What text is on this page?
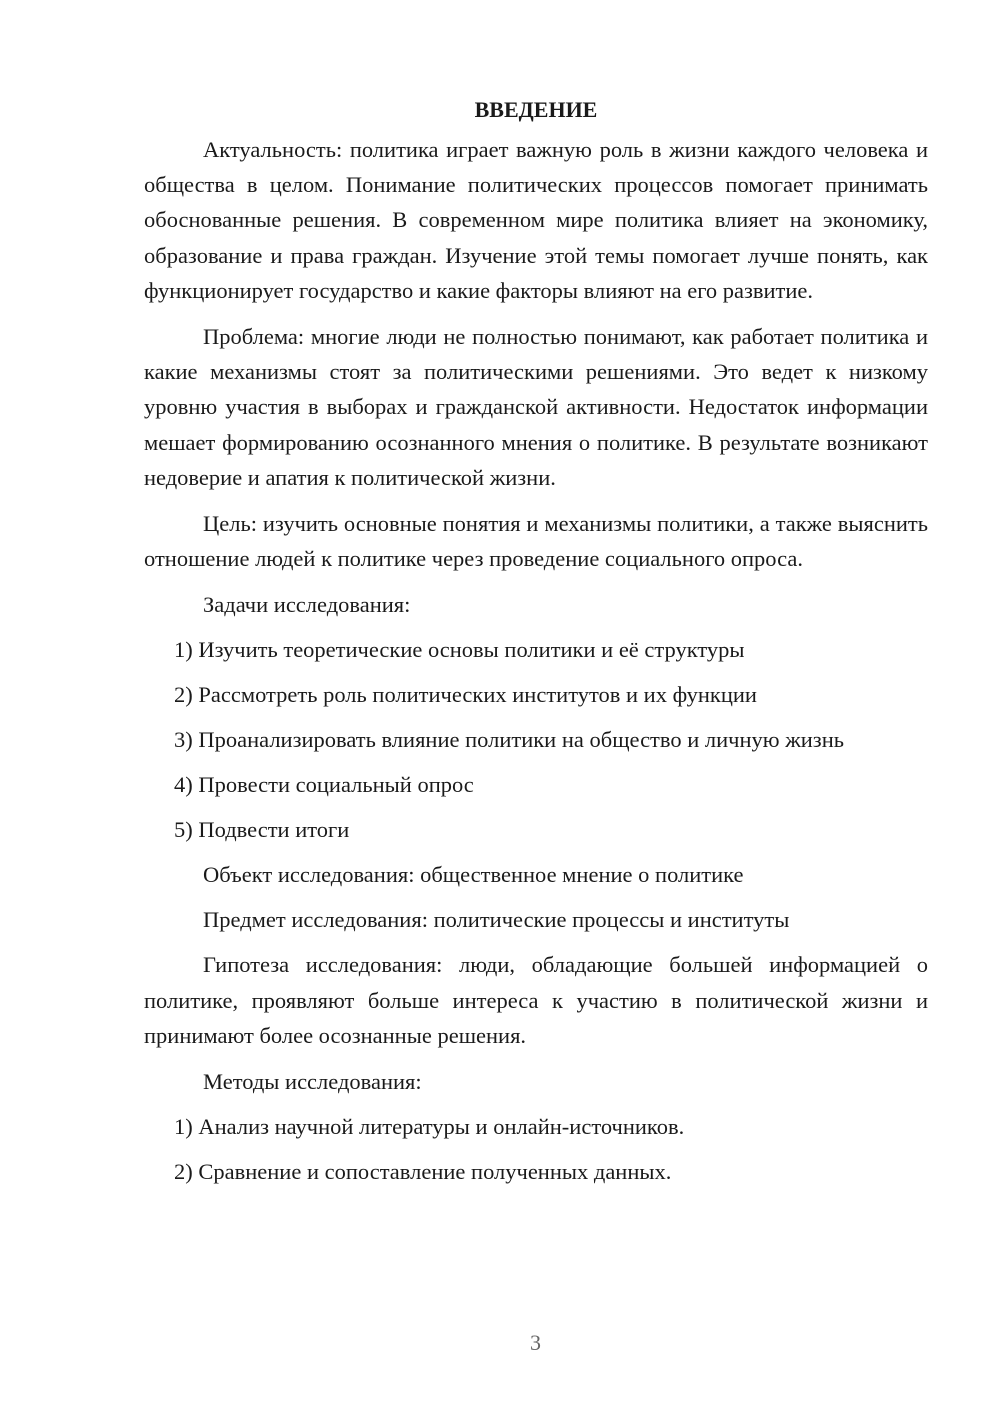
ВВЕДЕНИЕ

Актуальность: политика играет важную роль в жизни каждого человека и общества в целом. Понимание политических процессов помогает принимать обоснованные решения. В современном мире политика влияет на экономику, образование и права граждан. Изучение этой темы помогает лучше понять, как функционирует государство и какие факторы влияют на его развитие.

Проблема: многие люди не полностью понимают, как работает политика и какие механизмы стоят за политическими решениями. Это ведет к низкому уровню участия в выборах и гражданской активности. Недостаток информации мешает формированию осознанного мнения о политике. В результате возникают недоверие и апатия к политической жизни.

Цель: изучить основные понятия и механизмы политики, а также выяснить отношение людей к политике через проведение социального опроса.

Задачи исследования:
1) Изучить теоретические основы политики и её структуры
2) Рассмотреть роль политических институтов и их функции
3) Проанализировать влияние политики на общество и личную жизнь
4) Провести социальный опрос
5) Подвести итоги
Объект исследования: общественное мнение о политике
Предмет исследования: политические процессы и институты

Гипотеза исследования: люди, обладающие большей информацией о политике, проявляют больше интереса к участию в политической жизни и принимают более осознанные решения.

Методы исследования:
1) Анализ научной литературы и онлайн-источников.
2) Сравнение и сопоставление полученных данных.
3
